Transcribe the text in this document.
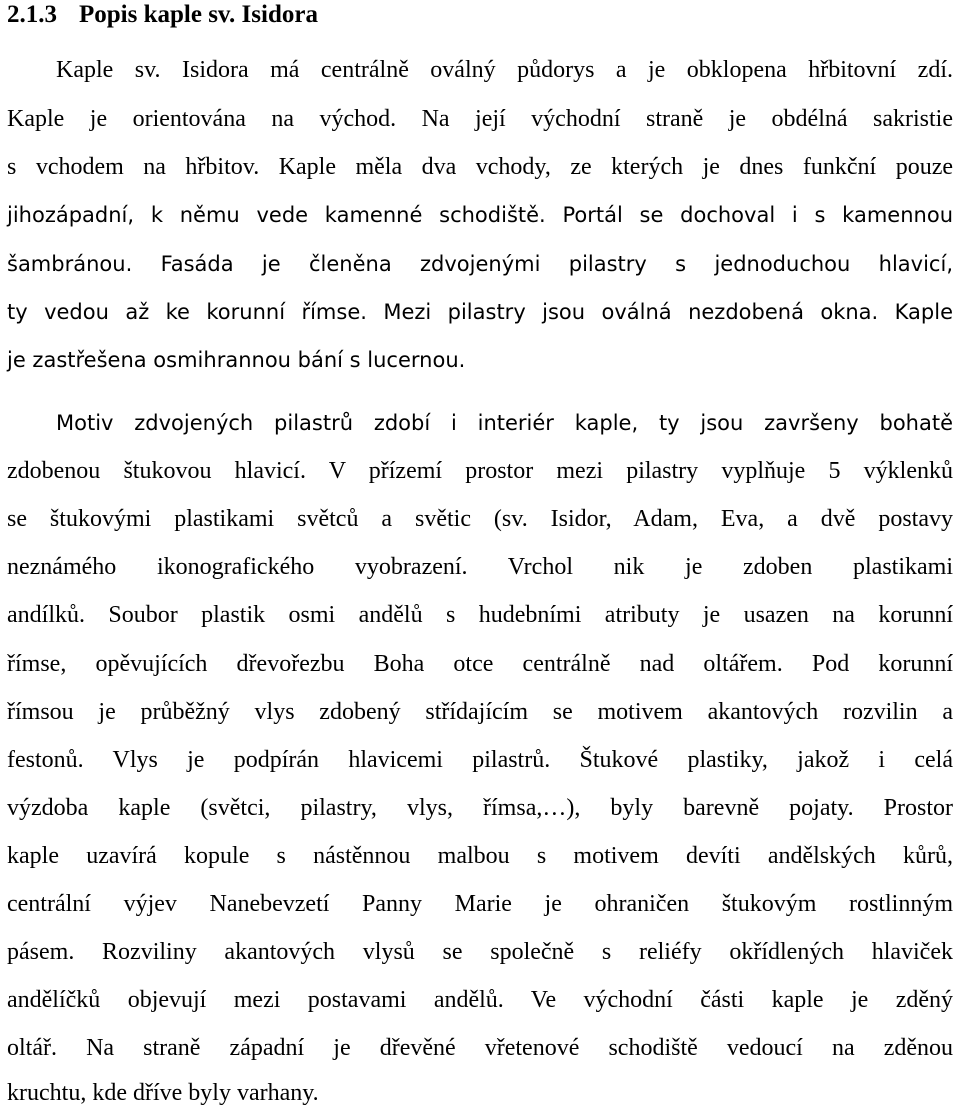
2.1.3 Popis kaple sv. Isidora
Kaple sv. Isidora má centrálně oválný půdorys a je obklopena hřbitovní zdí.
Kaple je orientována na východ. Na její východní straně je obdélná sakristie
s vchodem na hřbitov. Kaple měla dva vchody, ze kterých je dnes funkční pouze
jihozápadní, k němu vede kamenné schodiště. Portál se dochoval i s kamennou
šambránou. Fasáda je členěna zdvojenými pilastry s jednoduchou hlavicí,
ty vedou až ke korunní římse. Mezi pilastry jsou oválná nezdobená okna. Kaple
je zastřešena osmihrannou bání s lucernou.
Motiv zdvojených pilastrů zdobí i interiér kaple, ty jsou završeny bohatě
zdobenou štukovou hlavicí. V přízemí prostor mezi pilastry vyplňuje 5 výklenků
se štukovými plastikami světců a světic (sv. Isidor, Adam, Eva, a dvě postavy
neznámého ikonografického vyobrazení. Vrchol nik je zdoben plastikami
andílků. Soubor plastik osmi andělů s hudebními atributy je usazen na korunní
římse, opěvujících dřevořezbu Boha otce centrálně nad oltářem. Pod korunní
římsou je průběžný vlys zdobený střídajícím se motivem akantových rozvilin a
festonů. Vlys je podpírán hlavicemi pilastrů. Štukové plastiky, jakož i celá
výzdoba kaple (světci, pilastry, vlys, římsa,…), byly barevně pojaty. Prostor
kaple uzavírá kopule s nástěnnou malbou s motivem devíti andělských kůrů,
centrální výjev Nanebevzetí Panny Marie je ohraničen štukovým rostlinným
pásem. Rozviliny akantových vlysů se společně s reliéfy okřídlených hlaviček
andělíčků objevují mezi postavami andělů. Ve východní části kaple je zděný
oltář. Na straně západní je dřevěné vřetenové schodiště vedoucí na zděnou
kruchtu, kde dříve byly varhany.
